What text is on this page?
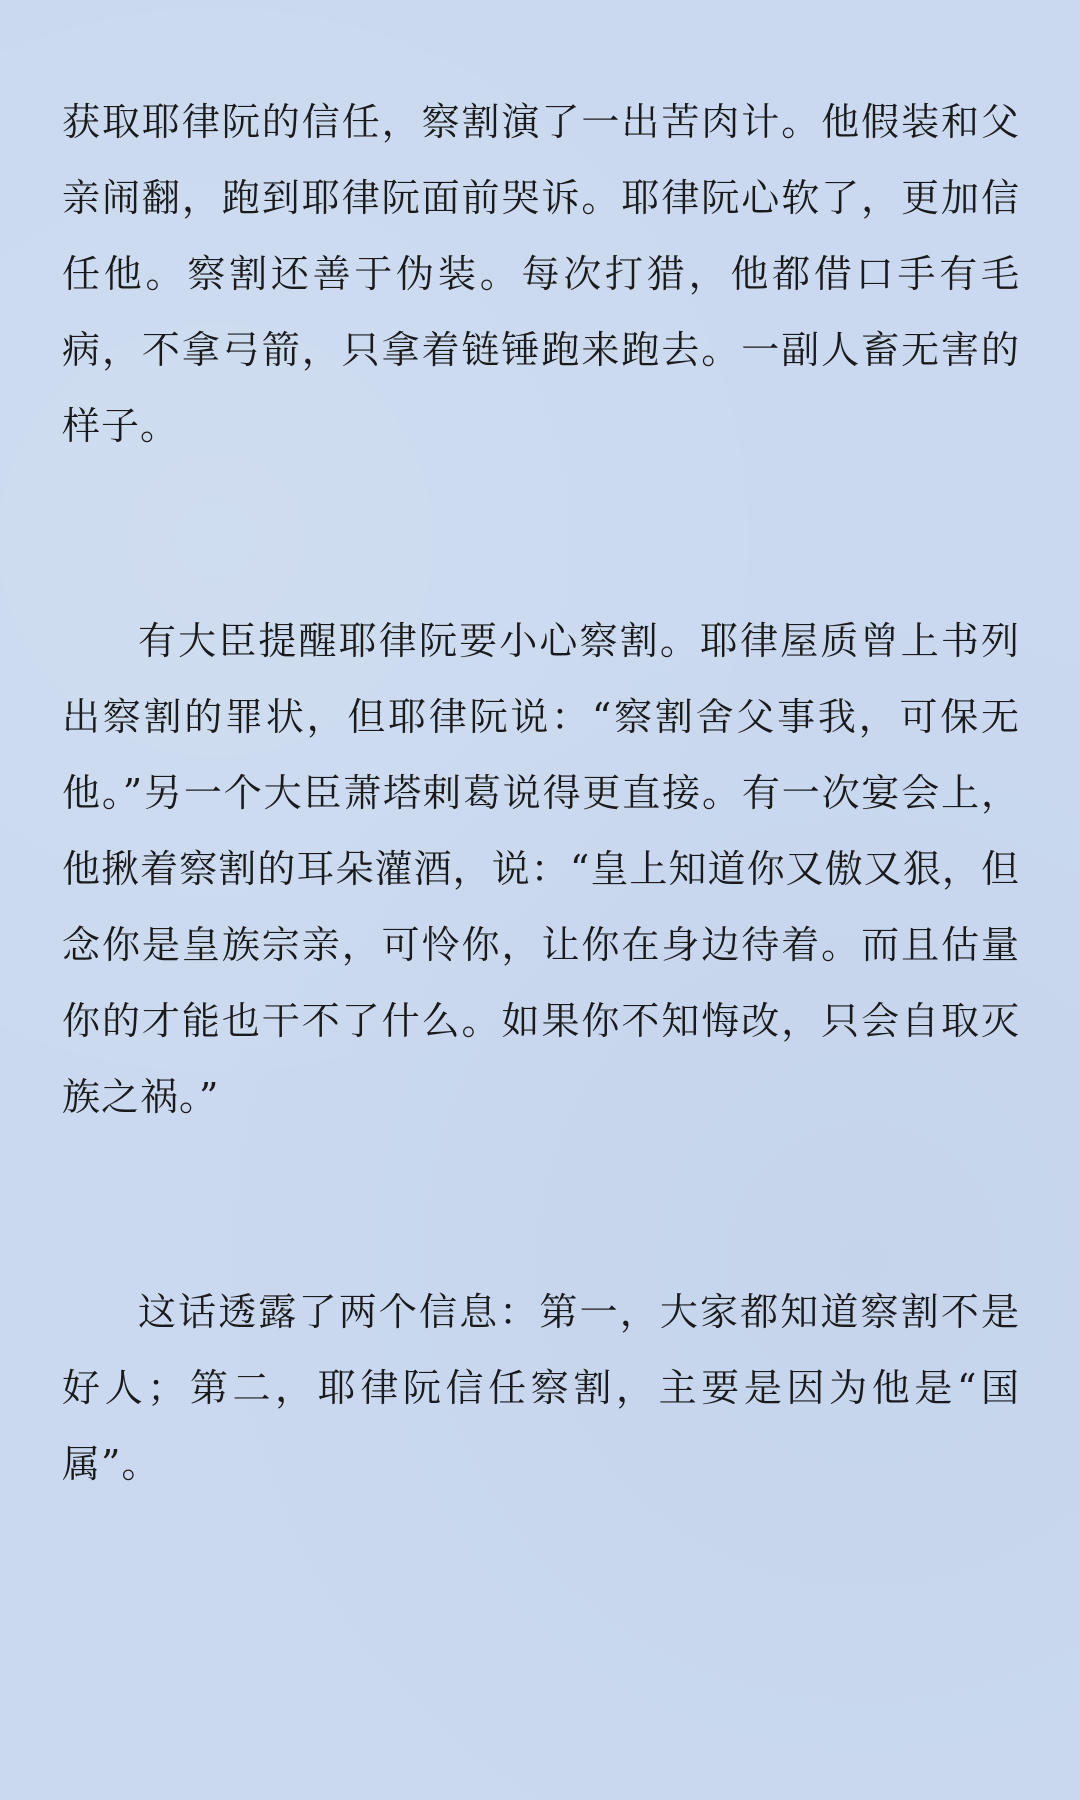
获取耶律阮的信任，察割演了一出苦肉计。他假装和父亲闹翻，跑到耶律阮面前哭诉。耶律阮心软了，更加信任他。察割还善于伪装。每次打猎，他都借口手有毛病，不拿弓箭，只拿着链锤跑来跑去。一副人畜无害的样子。

有大臣提醒耶律阮要小心察割。耶律屋质曾上书列出察割的罪状，但耶律阮说：“察割舍父事我，可保无他。”另一个大臣萧塔剌葛说得更直接。有一次宴会上，他揪着察割的耳朵灌酒，说：“皇上知道你又傲又狠，但念你是皇族宗亲，可怜你，让你在身边待着。而且估量你的才能也干不了什么。如果你不知悔改，只会自取灭族之祸。”

这话透露了两个信息：第一，大家都知道察割不是好人；第二，耶律阮信任察割，主要是因为他是“国属”。
